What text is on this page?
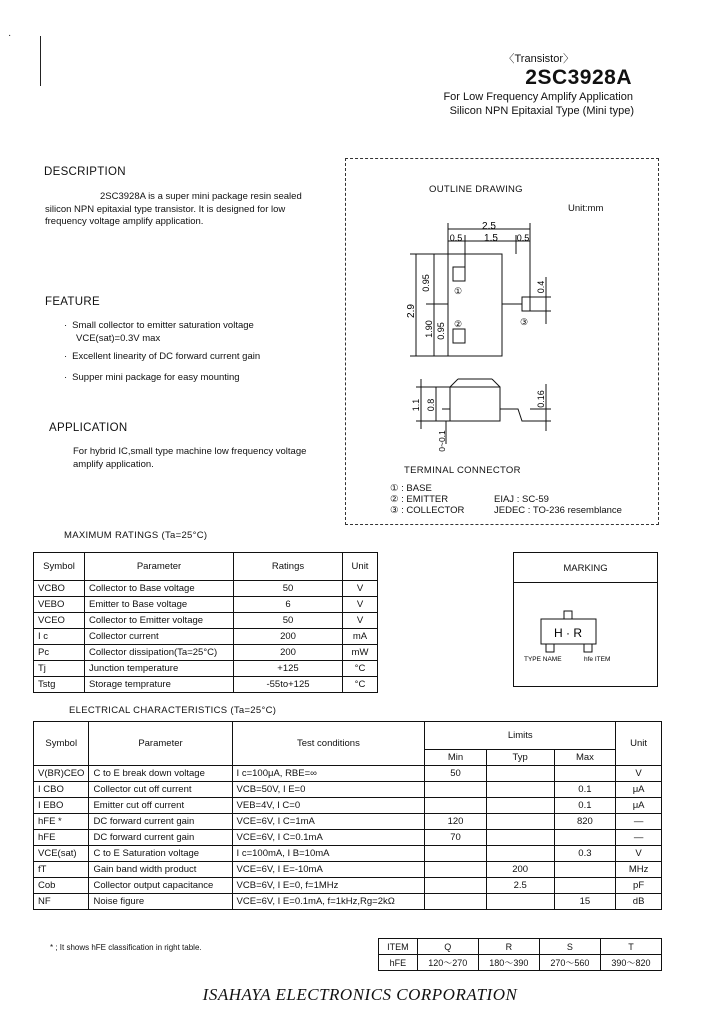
·
〈Transistor〉
2SC3928A
For Low Frequency Amplify Application
Silicon NPN Epitaxial Type (Mini type)
DESCRIPTION
2SC3928A is a super mini package resin sealed
silicon NPN epitaxial type transistor. It is designed for low
frequency voltage amplify application.
FEATURE
· Small collector to emitter saturation voltage
VCE(sat)=0.3V max
· Excellent linearity of DC forward current gain
· Supper mini package for easy mounting
APPLICATION
For hybrid IC,small type machine low frequency voltage
amplify application.
2.5
0.5 1.5 0.5
2.9
0.95
1.90 0.95
0.4
1.1 0.8	0.16
0~0.1
①
②	③
OUTLINE DRAWING
Unit:mm
TERMINAL CONNECTOR
① : BASE
② : EMITTER
③ : COLLECTOR
EIAJ : SC-59
JEDEC : TO-236 resemblance
MAXIMUM RATINGS (Ta=25°C)
Symbol	Parameter	Ratings	Unit
VCBO	Collector to Base voltage	50	V
VEBO	Emitter to Base voltage	6	V
VCEO	Collector to Emitter voltage	50	V
I c	Collector current	200	mA
Pc	Collector dissipation(Ta=25°C)	200	mW
Tj	Junction temperature	+125	°C
Tstg	Storage temprature	-55to+125	°C
MARKING
H · R
TYPE NAME	hfe ITEM
ELECTRICAL CHARACTERISTICS (Ta=25°C)
Symbol	Parameter	Test conditions	Limits			Unit
			Min	Typ	Max	
V(BR)CEO	C to E break down voltage	I c=100μA, RBE=∞	50			V
I CBO	Collector cut off current	VCB=50V, I E=0			0.1	μA
I EBO	Emitter cut off current	VEB=4V, I C=0			0.1	μA
hFE *	DC forward current gain	VCE=6V, I C=1mA	120		820	—
hFE	DC forward current gain	VCE=6V, I C=0.1mA	70			—
VCE(sat)	C to E Saturation voltage	I c=100mA, I B=10mA			0.3	V
fT	Gain band width product	VCE=6V, I E=-10mA		200		MHz
Cob	Collector output capacitance	VCB=6V, I E=0, f=1MHz		2.5		pF
NF	Noise figure	VCE=6V, I E=0.1mA, f=1kHz,Rg=2kΩ			15	dB
* ; It shows hFE classification in right table.	ITEM	Q	R	S	T
hFE	120～270	180～390	270～560	390～820
ISAHAYA ELECTRONICS CORPORATION
